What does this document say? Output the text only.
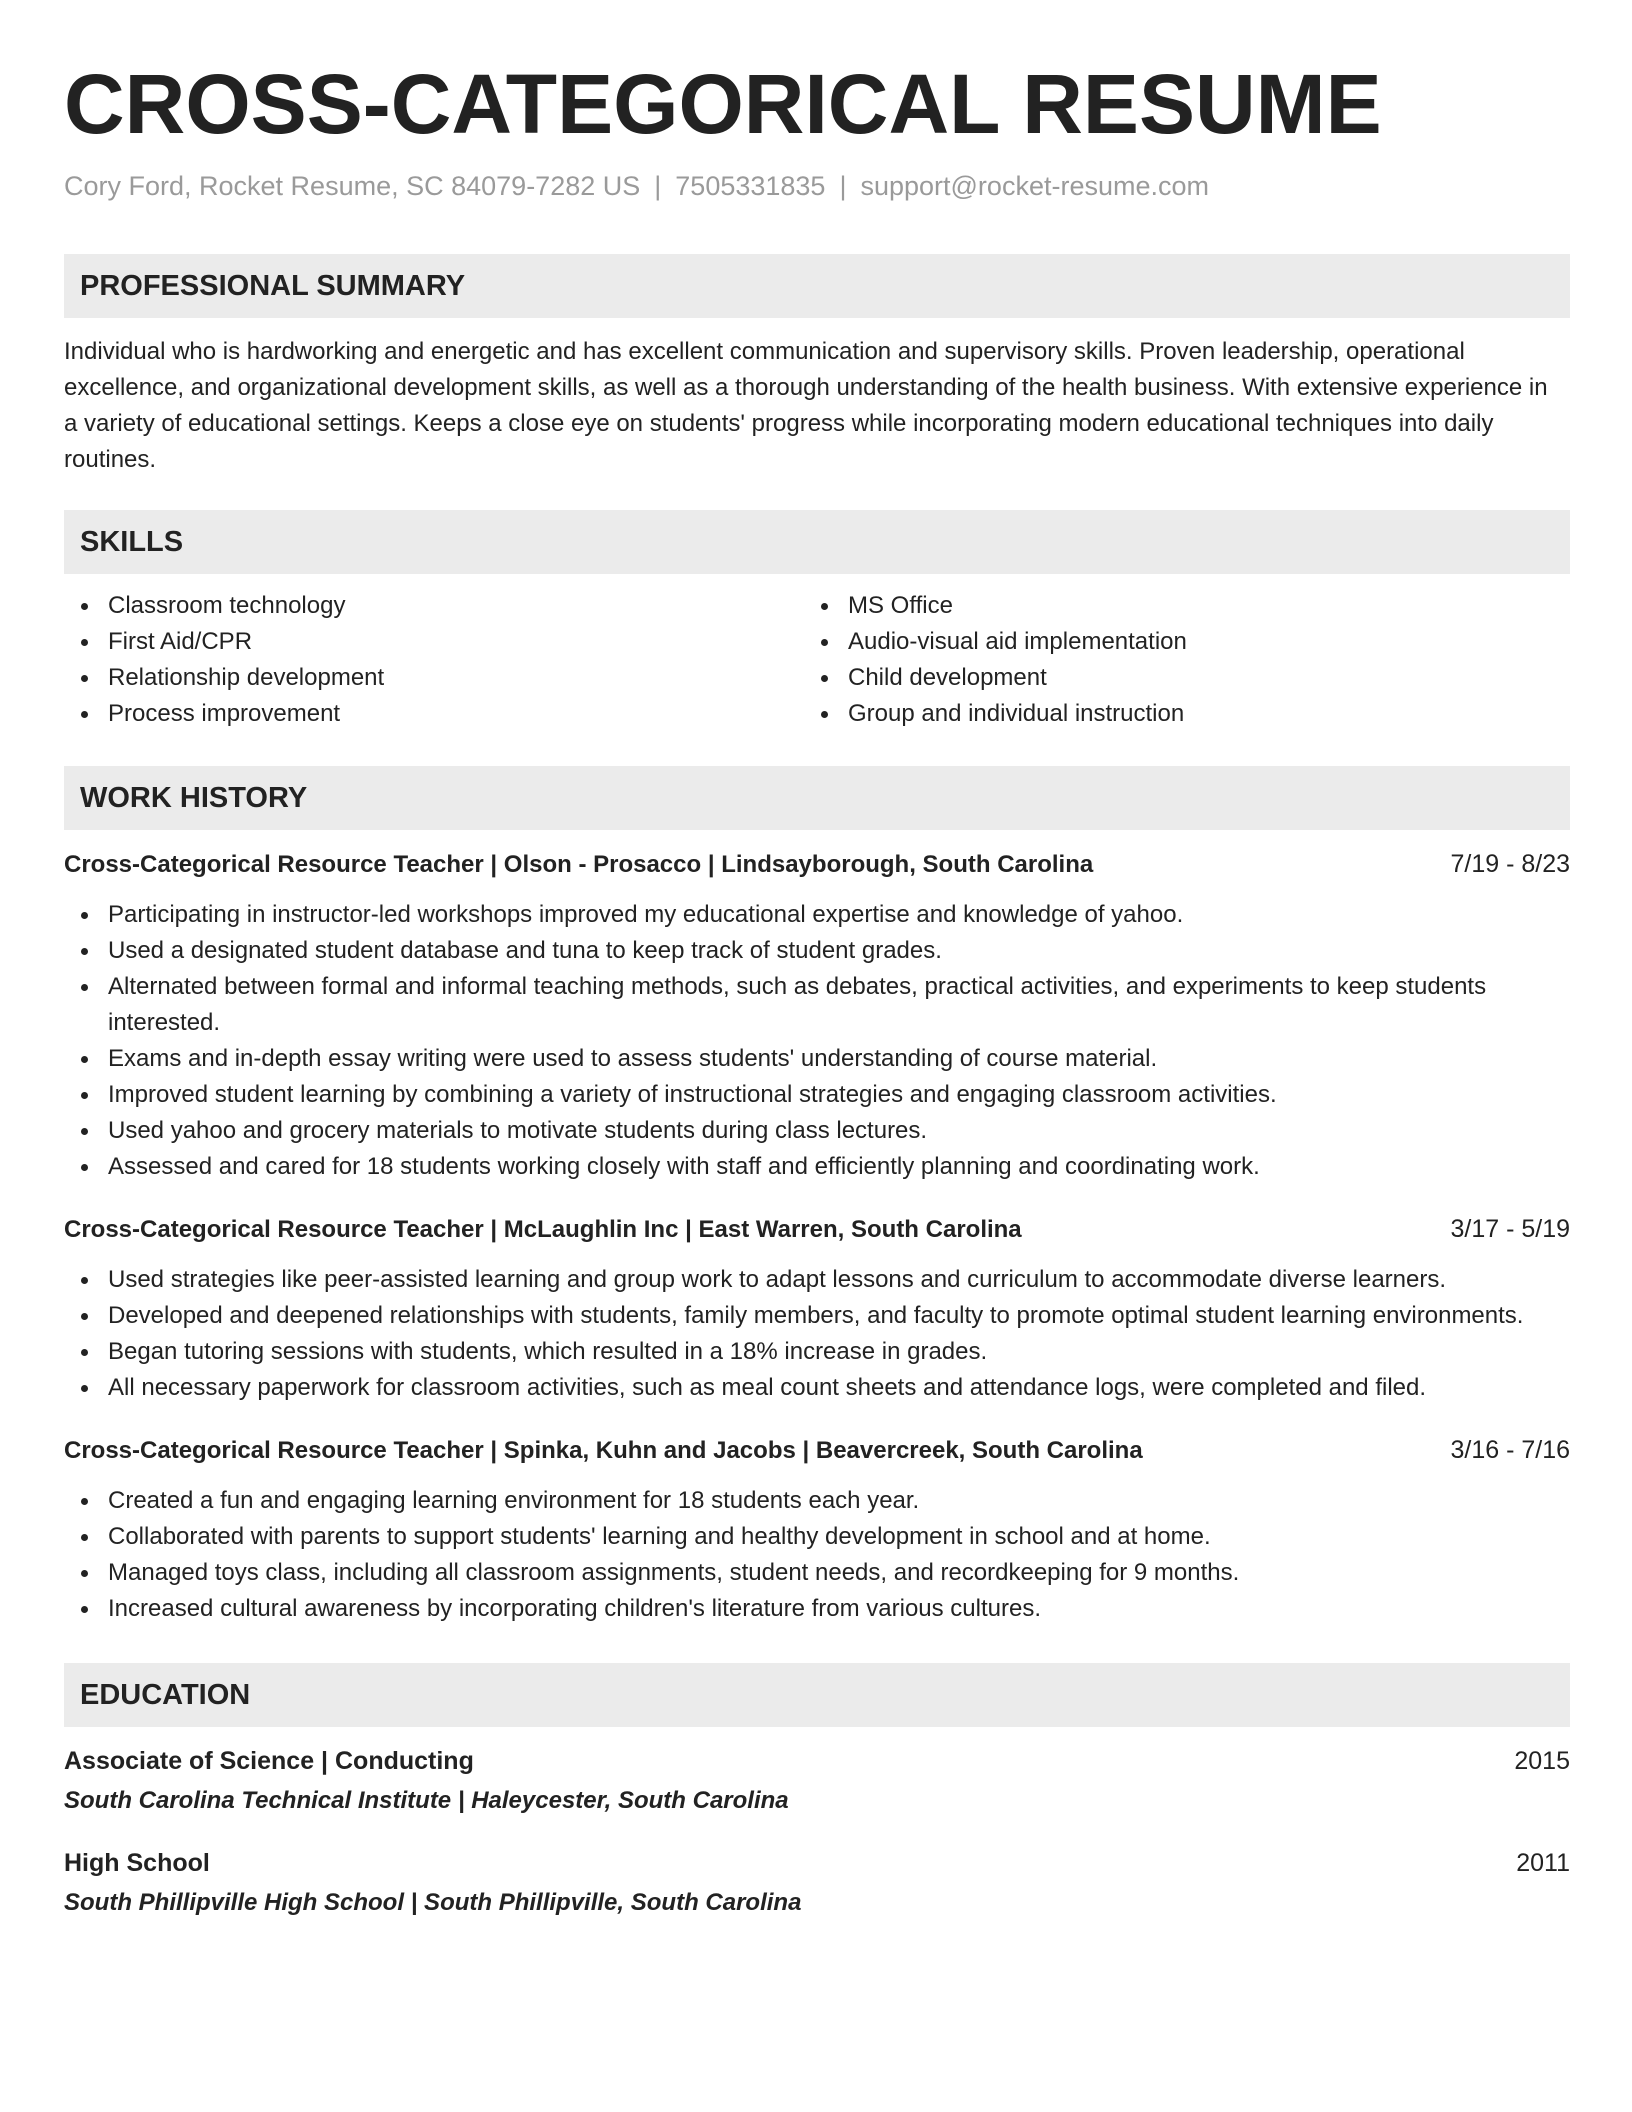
CROSS-CATEGORICAL RESUME
Cory Ford, Rocket Resume, SC 84079-7282 US | 7505331835 | support@rocket-resume.com
PROFESSIONAL SUMMARY
Individual who is hardworking and energetic and has excellent communication and supervisory skills. Proven leadership, operational excellence, and organizational development skills, as well as a thorough understanding of the health business. With extensive experience in a variety of educational settings. Keeps a close eye on students' progress while incorporating modern educational techniques into daily routines.
SKILLS
Classroom technology
First Aid/CPR
Relationship development
Process improvement
MS Office
Audio-visual aid implementation
Child development
Group and individual instruction
WORK HISTORY
Cross-Categorical Resource Teacher | Olson - Prosacco | Lindsayborough, South Carolina	7/19 - 8/23
Participating in instructor-led workshops improved my educational expertise and knowledge of yahoo.
Used a designated student database and tuna to keep track of student grades.
Alternated between formal and informal teaching methods, such as debates, practical activities, and experiments to keep students interested.
Exams and in-depth essay writing were used to assess students' understanding of course material.
Improved student learning by combining a variety of instructional strategies and engaging classroom activities.
Used yahoo and grocery materials to motivate students during class lectures.
Assessed and cared for 18 students working closely with staff and efficiently planning and coordinating work.
Cross-Categorical Resource Teacher | McLaughlin Inc | East Warren, South Carolina	3/17 - 5/19
Used strategies like peer-assisted learning and group work to adapt lessons and curriculum to accommodate diverse learners.
Developed and deepened relationships with students, family members, and faculty to promote optimal student learning environments.
Began tutoring sessions with students, which resulted in a 18% increase in grades.
All necessary paperwork for classroom activities, such as meal count sheets and attendance logs, were completed and filed.
Cross-Categorical Resource Teacher | Spinka, Kuhn and Jacobs | Beavercreek, South Carolina	3/16 - 7/16
Created a fun and engaging learning environment for 18 students each year.
Collaborated with parents to support students' learning and healthy development in school and at home.
Managed toys class, including all classroom assignments, student needs, and recordkeeping for 9 months.
Increased cultural awareness by incorporating children's literature from various cultures.
EDUCATION
Associate of Science | Conducting	2015
South Carolina Technical Institute | Haleycester, South Carolina
High School	2011
South Phillipville High School | South Phillipville, South Carolina
